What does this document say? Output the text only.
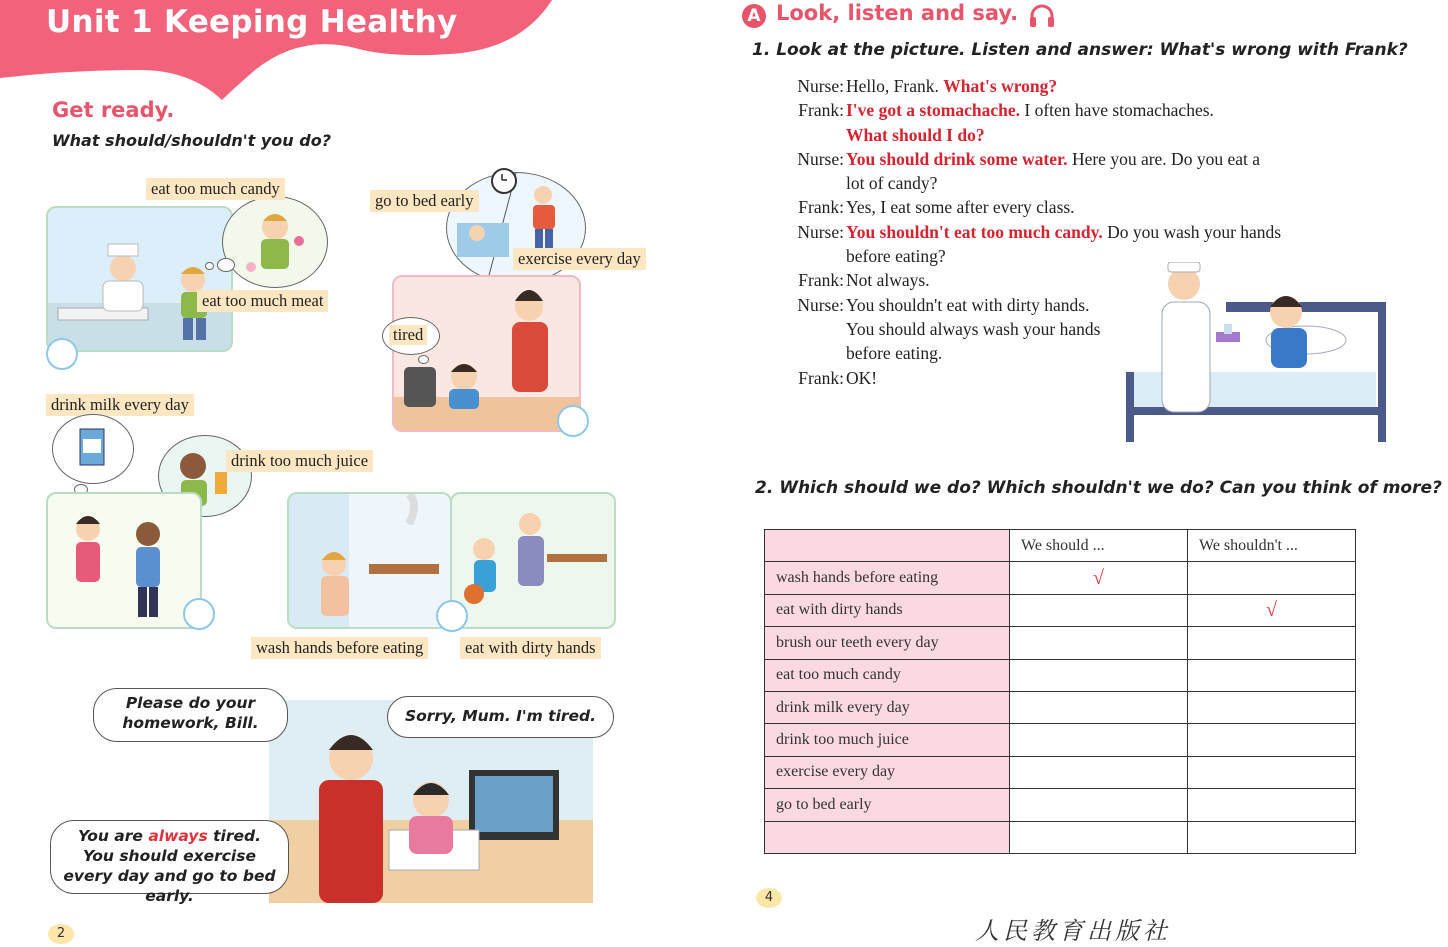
Unit 1 Keeping Healthy
Get ready.
What should/shouldn't you do?
eat too much candy
eat too much meat
go to bed early
exercise every day
tired
drink milk every day
drink too much juice
wash hands before eating	eat with dirty hands
Please do your homework, Bill.	Sorry, Mum. I'm tired.
You are always tired.
You should exercise every day and go to bed early.
2
A Look, listen and say.
1. Look at the picture. Listen and answer: What's wrong with Frank?
Nurse: Hello, Frank. What's wrong?
Frank: I've got a stomachache. I often have stomachaches.
What should I do?
Nurse: You should drink some water. Here you are. Do you eat a
lot of candy?
Frank: Yes, I eat some after every class.
Nurse: You shouldn't eat too much candy. Do you wash your hands
before eating?
Frank: Not always.
Nurse: You shouldn't eat with dirty hands.
You should always wash your hands
before eating.
Frank: OK!
2. Which should we do? Which shouldn't we do? Can you think of more?
	We should ...	We shouldn't ...
wash hands before eating	√	

eat with dirty hands		√

brush our teeth every day	

eat too much candy	

drink milk every day	

drink too much juice	

exercise every day	

go to bed early	

4
人民教育出版社
